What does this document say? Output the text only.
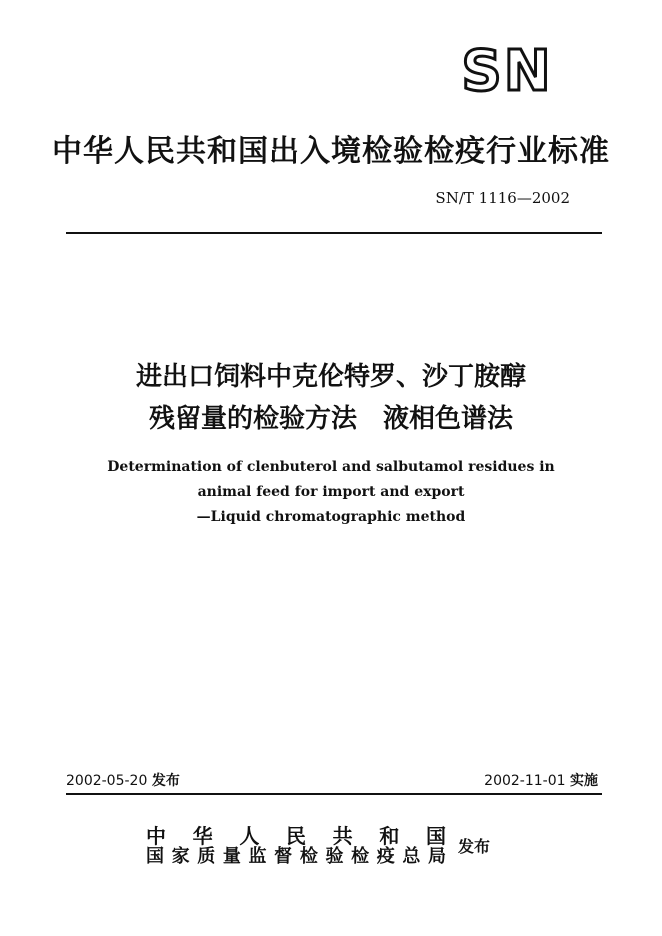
SN
中华人民共和国出入境检验检疫行业标准
SN/T 1116—2002
进出口饲料中克伦特罗、沙丁胺醇
残留量的检验方法 液相色谱法
Determination of clenbuterol and salbutamol residues in
animal feed for import and export
—Liquid chromatographic method
2002-05-20 发布	2002-11-01 实施
中华人民共和国
国家质量监督检验检疫总局 发布
